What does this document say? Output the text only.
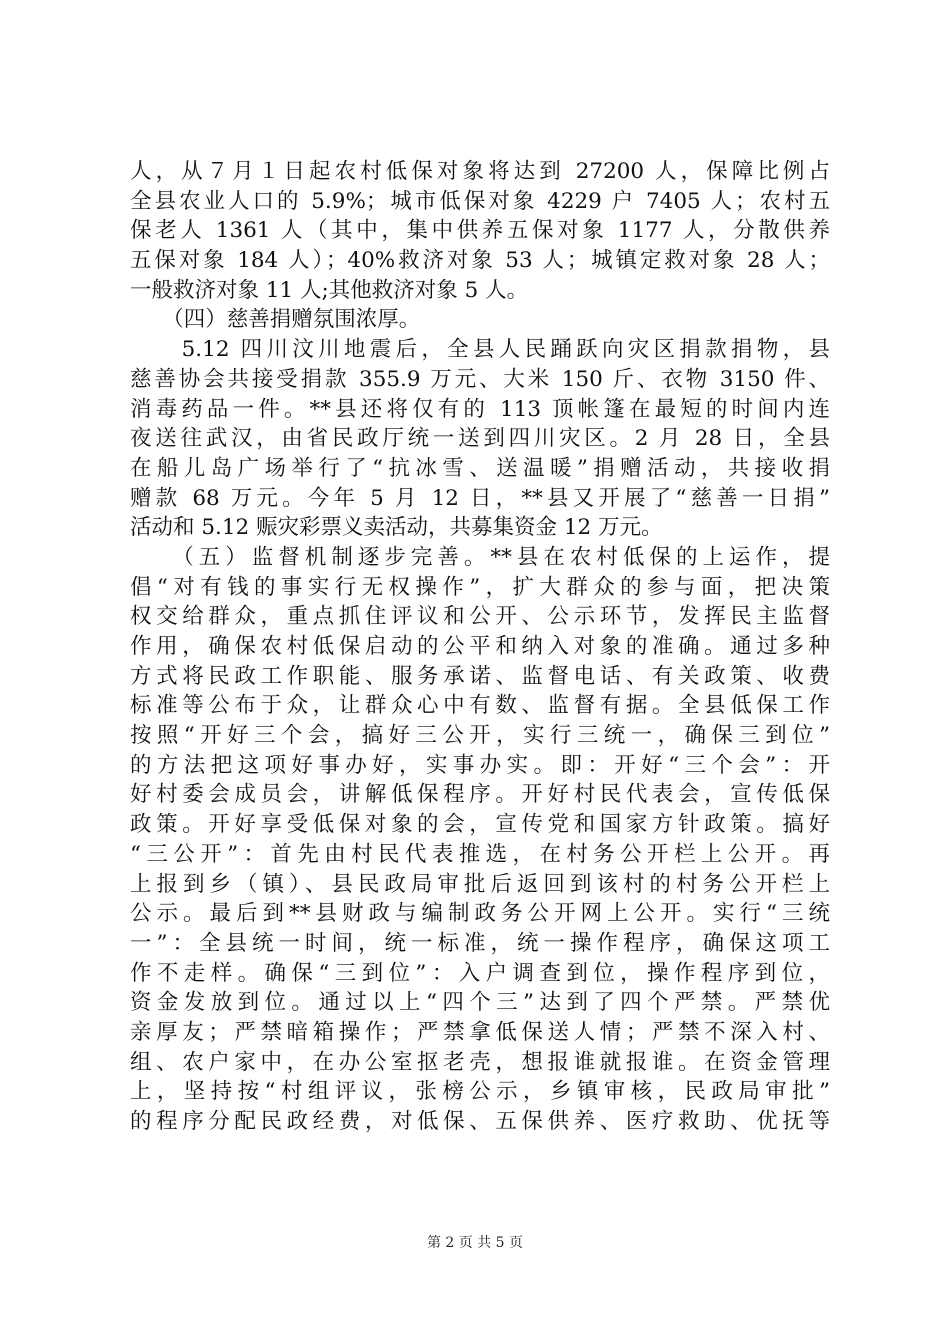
人，从７月１日起农村低保对象将达到 27200 人，保障比例占
全县农业人口的 5.9%；城市低保对象 4229 户 7405 人；农村五
保老人 1361 人（其中，集中供养五保对象 1177 人，分散供养
五保对象 184 人）；40%救济对象 53 人；城镇定救对象 28 人；
一般救济对象 11 人;其他救济对象 5 人。
　　（四）慈善捐赠氛围浓厚。
　　5.12 四川汶川地震后，全县人民踊跃向灾区捐款捐物，县
慈善协会共接受捐款 355.9 万元、大米 150 斤、衣物 3150 件、
消毒药品一件。**县还将仅有的 113 顶帐篷在最短的时间内连
夜送往武汉，由省民政厅统一送到四川灾区。2 月 28 日，全县
在船儿岛广场举行了“抗冰雪、送温暖”捐赠活动，共接收捐
赠款 68 万元。今年 5 月 12 日，**县又开展了“慈善一日捐”
活动和 5.12 赈灾彩票义卖活动，共募集资金 12 万元。
　　（五）监督机制逐步完善。**县在农村低保的上运作，提
倡“对有钱的事实行无权操作”，扩大群众的参与面，把决策
权交给群众，重点抓住评议和公开、公示环节，发挥民主监督
作用，确保农村低保启动的公平和纳入对象的准确。通过多种
方式将民政工作职能、服务承诺、监督电话、有关政策、收费
标准等公布于众，让群众心中有数、监督有据。全县低保工作
按照“开好三个会，搞好三公开，实行三统一，确保三到位”
的方法把这项好事办好，实事办实。即：开好“三个会”：开
好村委会成员会，讲解低保程序。开好村民代表会，宣传低保
政策。开好享受低保对象的会，宣传党和国家方针政策。搞好
“三公开”：首先由村民代表推选，在村务公开栏上公开。再
上报到乡（镇）、县民政局审批后返回到该村的村务公开栏上
公示。最后到**县财政与编制政务公开网上公开。实行“三统
一”：全县统一时间，统一标准，统一操作程序，确保这项工
作不走样。确保“三到位”：入户调查到位，操作程序到位，
资金发放到位。通过以上“四个三”达到了四个严禁。严禁优
亲厚友；严禁暗箱操作；严禁拿低保送人情；严禁不深入村、
组、农户家中，在办公室抠老壳，想报谁就报谁。在资金管理
上，坚持按“村组评议，张榜公示，乡镇审核，民政局审批”
的程序分配民政经费，对低保、五保供养、医疗救助、优抚等
第 2 页 共 5 页
